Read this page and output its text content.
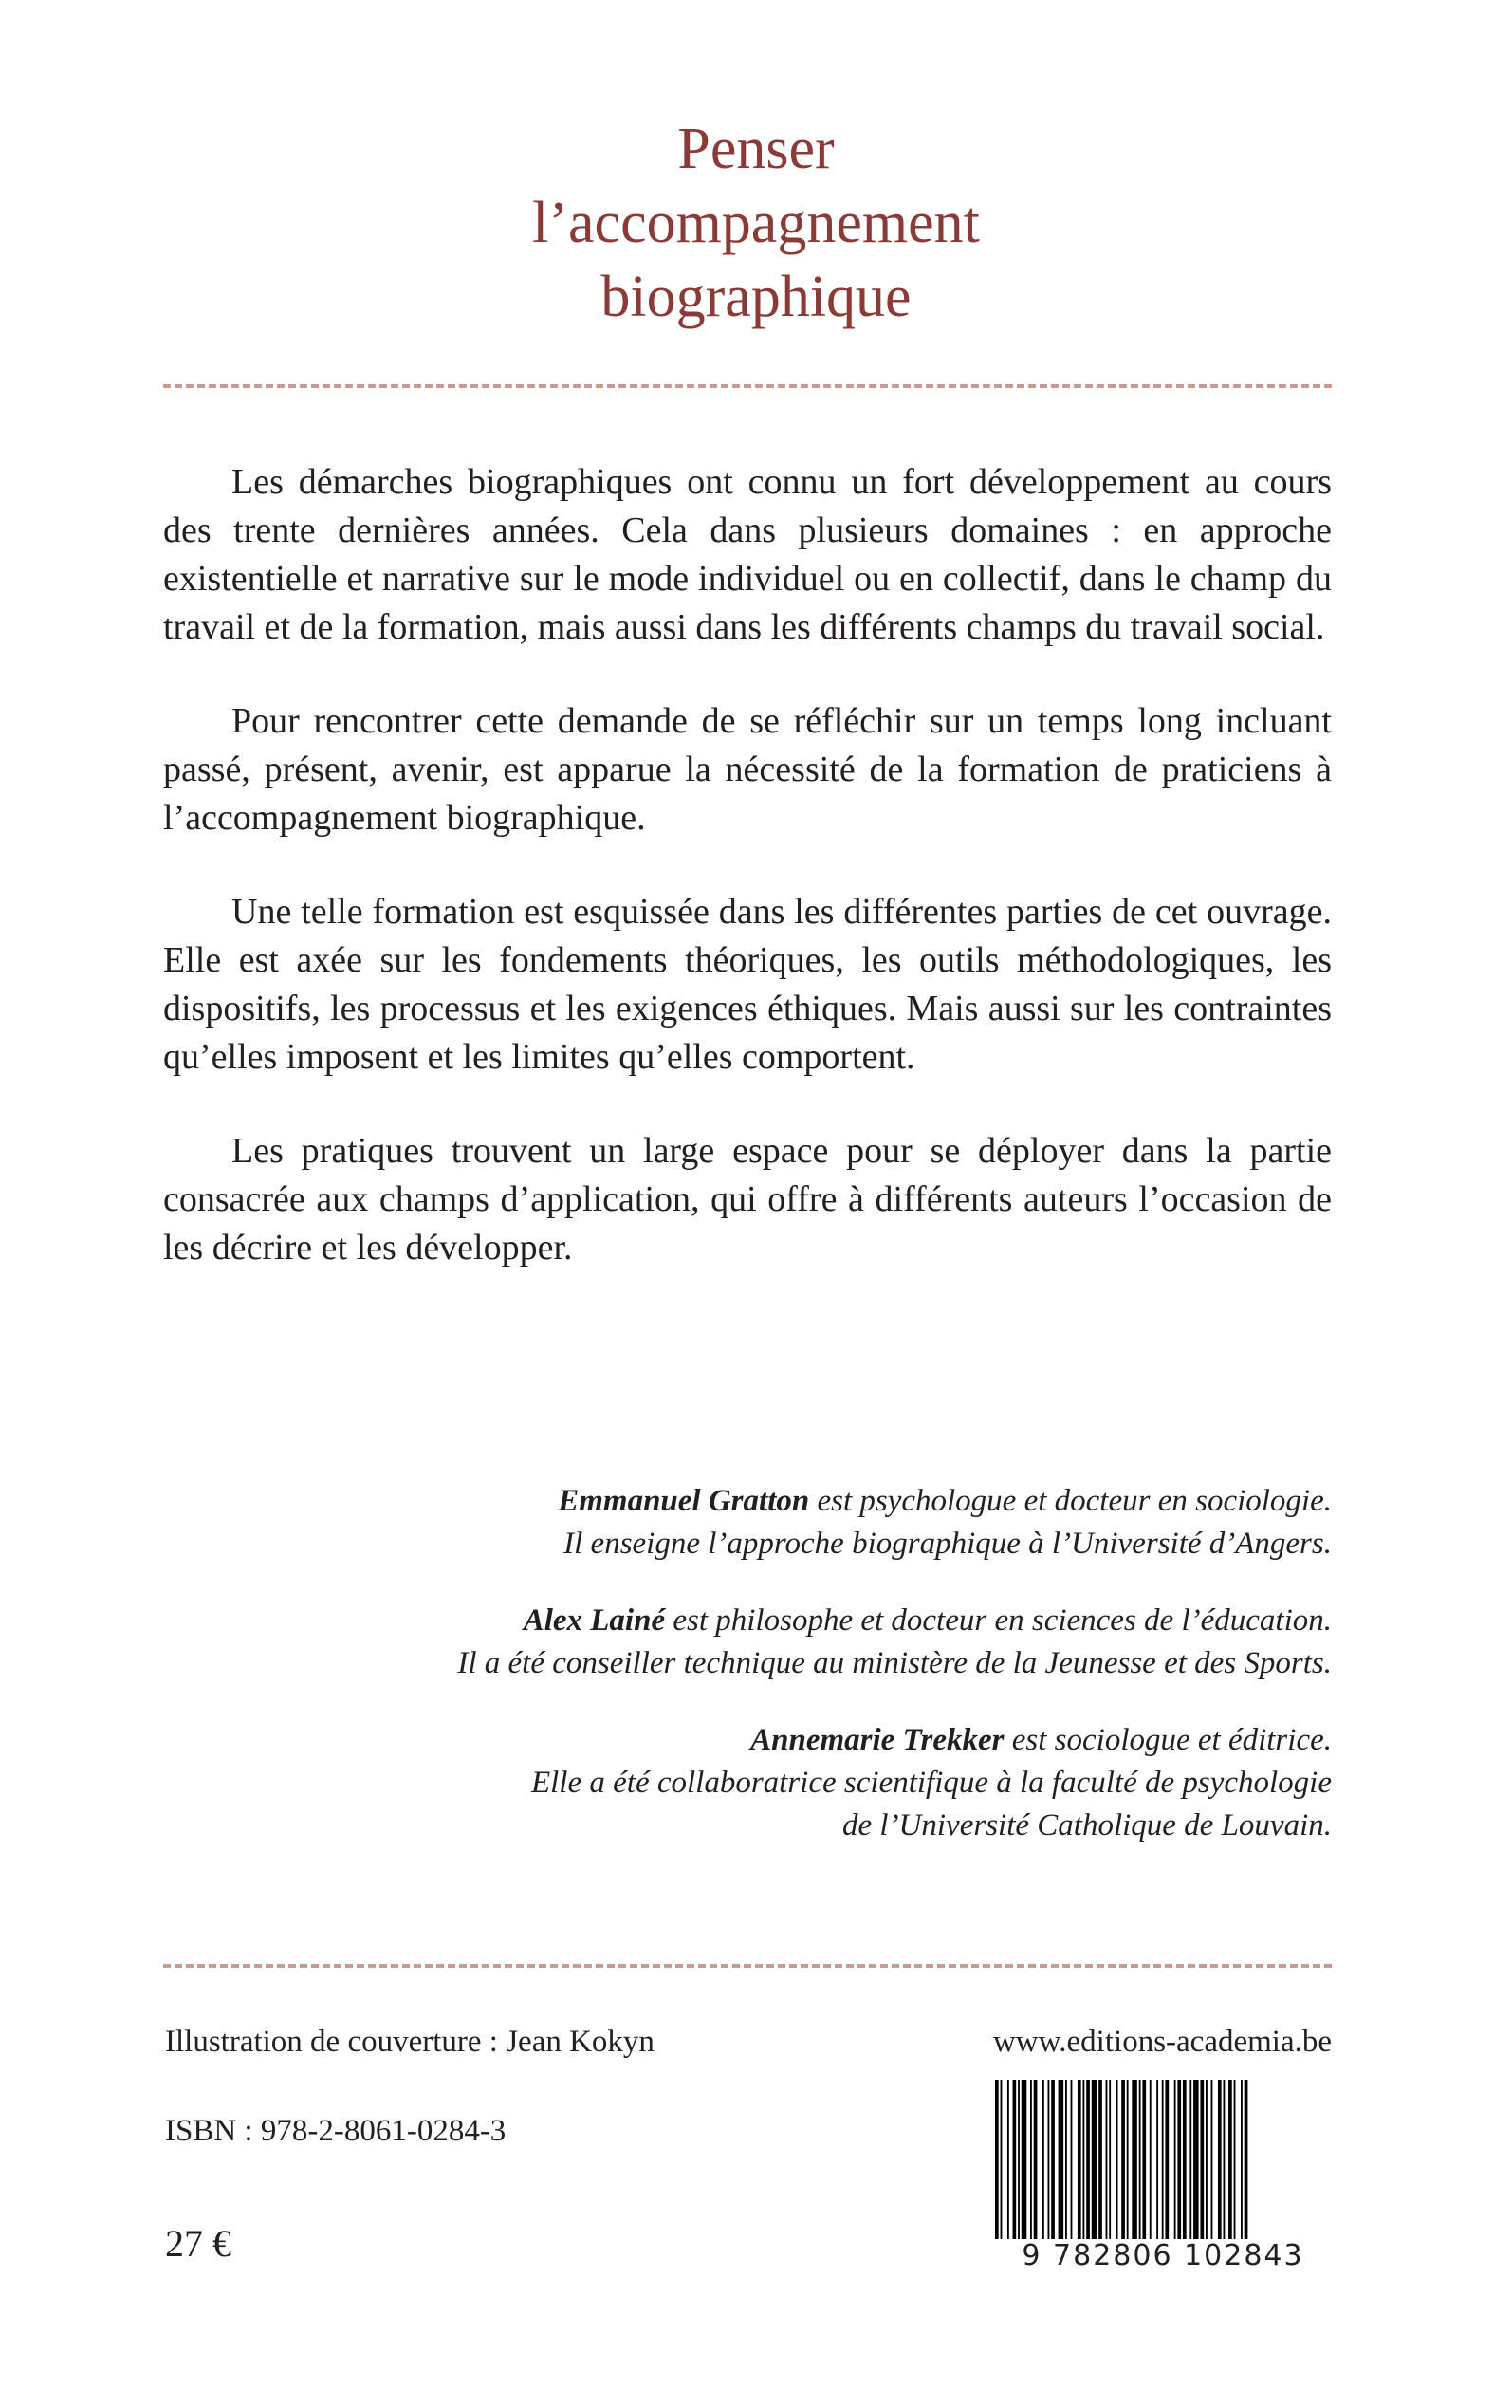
Penser
l’accompagnement
biographique

Les démarches biographiques ont connu un fort développement au cours des trente dernières années. Cela dans plusieurs domaines : en approche existentielle et narrative sur le mode individuel ou en collectif, dans le champ du travail et de la formation, mais aussi dans les différents champs du travail social.

Pour rencontrer cette demande de se réfléchir sur un temps long incluant passé, présent, avenir, est apparue la nécessité de la formation de praticiens à l’accompagnement biographique.

Une telle formation est esquissée dans les différentes parties de cet ouvrage. Elle est axée sur les fondements théoriques, les outils méthodologiques, les dispositifs, les processus et les exigences éthiques. Mais aussi sur les contraintes qu’elles imposent et les limites qu’elles comportent.

Les pratiques trouvent un large espace pour se déployer dans la partie consacrée aux champs d’application, qui offre à différents auteurs l’occasion de les décrire et les développer.

Emmanuel Gratton est psychologue et docteur en sociologie.
Il enseigne l’approche biographique à l’Université d’Angers.
Alex Lainé est philosophe et docteur en sciences de l’éducation.
Il a été conseiller technique au ministère de la Jeunesse et des Sports.
Annemarie Trekker est sociologue et éditrice.
Elle a été collaboratrice scientifique à la faculté de psychologie
de l’Université Catholique de Louvain.
Illustration de couverture : Jean Kokyn
ISBN : 978-2-8061-0284-3
27 €
www.editions-academia.be
9 782806 102843
